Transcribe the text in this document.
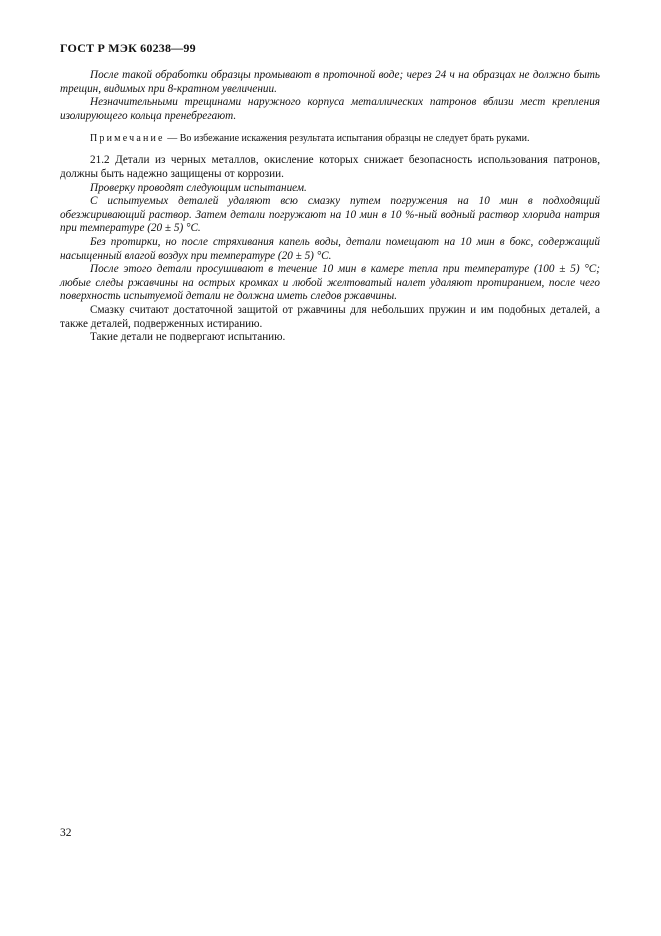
ГОСТ Р МЭК 60238—99

После такой обработки образцы промывают в проточной воде; через 24 ч на образцах не должно быть трещин, видимых при 8-кратном увеличении.

Незначительными трещинами наружного корпуса металлических патронов вблизи мест крепления изолирующего кольца пренебрегают.

Примечание — Во избежание искажения результата испытания образцы не следует брать руками.

21.2 Детали из черных металлов, окисление которых снижает безопасность использования патронов, должны быть надежно защищены от коррозии.

Проверку проводят следующим испытанием.

С испытуемых деталей удаляют всю смазку путем погружения на 10 мин в подходящий обезжиривающий раствор. Затем детали погружают на 10 мин в 10 %-ный водный раствор хлорида натрия при температуре (20 ± 5) °С.

Без протирки, но после стряхивания капель воды, детали помещают на 10 мин в бокс, содержащий насыщенный влагой воздух при температуре (20 ± 5) °С.

После этого детали просушивают в течение 10 мин в камере тепла при температуре (100 ± 5) °С; любые следы ржавчины на острых кромках и любой желтоватый налет удаляют протиранием, после чего поверхность испытуемой детали не должна иметь следов ржавчины.

Смазку считают достаточной защитой от ржавчины для небольших пружин и им подобных деталей, а также деталей, подверженных истиранию.

Такие детали не подвергают испытанию.

32
